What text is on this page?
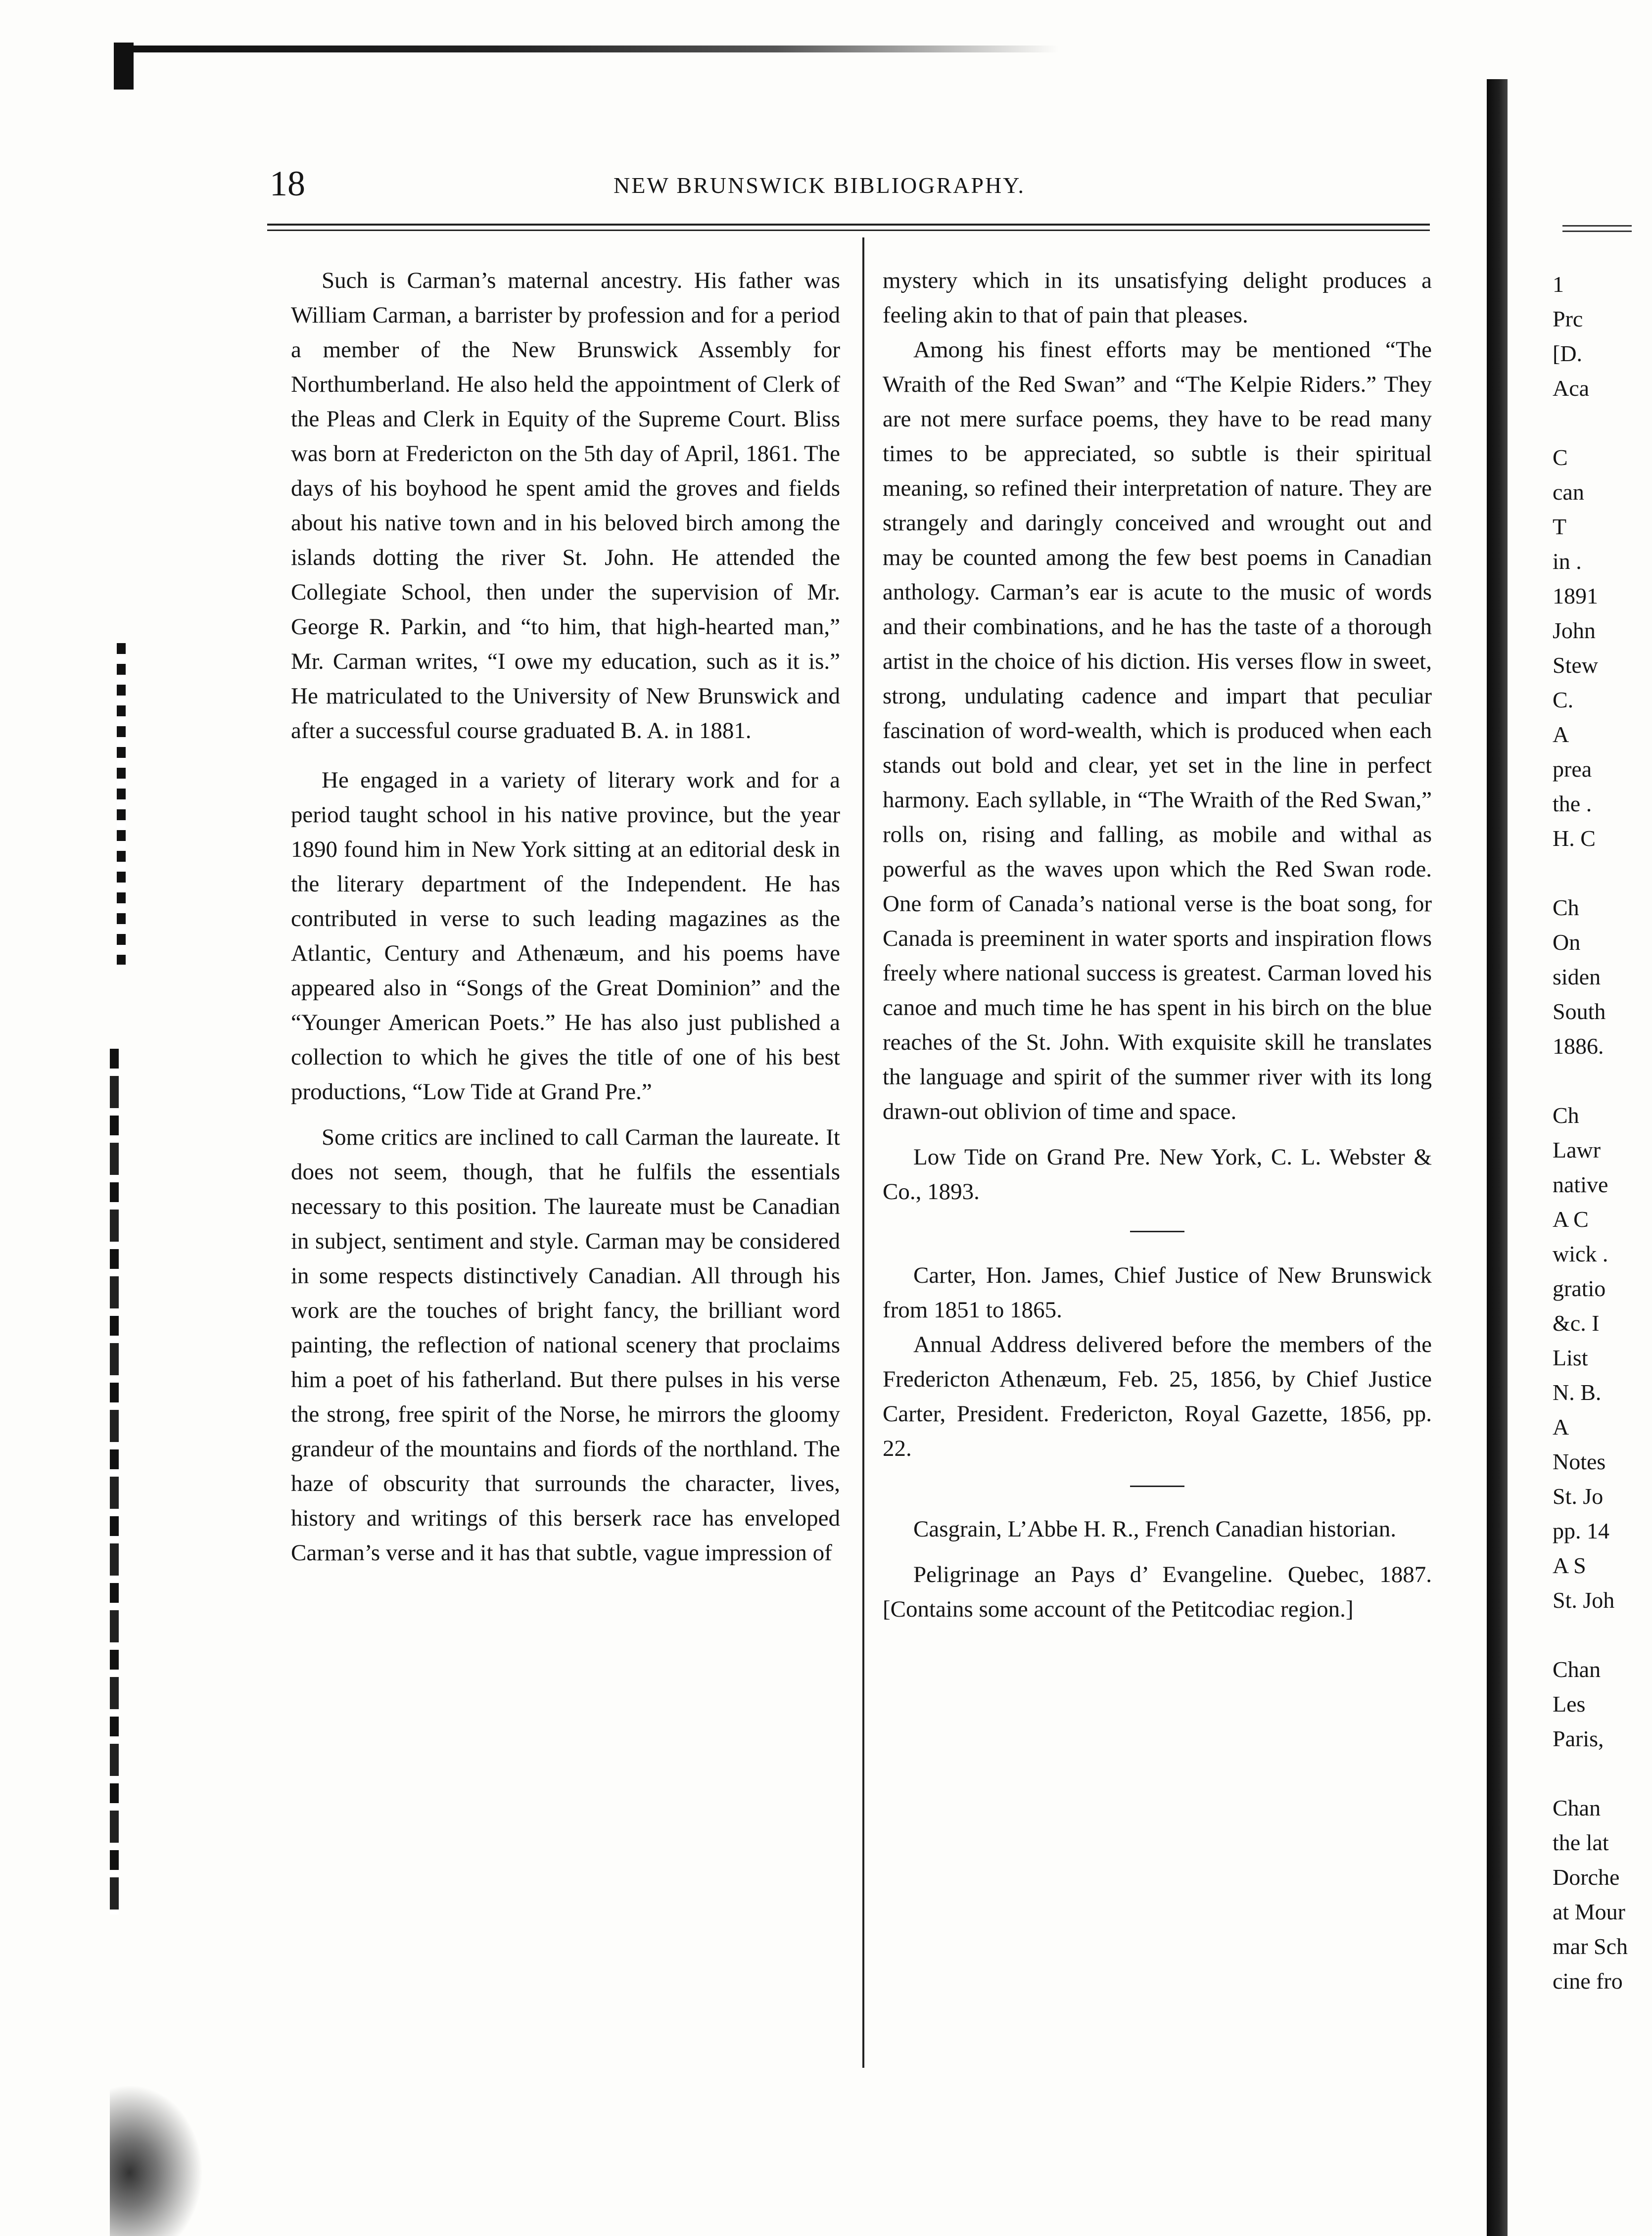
18	NEW BRUNSWICK BIBLIOGRAPHY.

Such is Carman’s maternal ancestry. His father was William Carman, a barrister by profession and for a period a member of the New Brunswick Assembly for Northumberland. He also held the appointment of Clerk of the Pleas and Clerk in Equity of the Supreme Court. Bliss was born at Fredericton on the 5th day of April, 1861. The days of his boyhood he spent amid the groves and fields about his native town and in his beloved birch among the islands dotting the river St. John. He attended the Collegiate School, then under the supervision of Mr. George R. Parkin, and “to him, that high-hearted man,” Mr. Carman writes, “I owe my education, such as it is.” He matriculated to the University of New Brunswick and after a successful course graduated B. A. in 1881.

He engaged in a variety of literary work and for a period taught school in his native province, but the year 1890 found him in New York sitting at an editorial desk in the literary department of the Independent. He has contributed in verse to such leading magazines as the Atlantic, Century and Athenæum, and his poems have appeared also in “Songs of the Great Dominion” and the “Younger American Poets.” He has also just published a collection to which he gives the title of one of his best productions, “Low Tide at Grand Pre.”

Some critics are inclined to call Carman the laureate. It does not seem, though, that he fulfils the essentials necessary to this position. The laureate must be Canadian in subject, sentiment and style. Carman may be considered in some respects distinctively Canadian. All through his work are the touches of bright fancy, the brilliant word painting, the reflection of national scenery that proclaims him a poet of his fatherland. But there pulses in his verse the strong, free spirit of the Norse, he mirrors the gloomy grandeur of the mountains and fiords of the northland. The haze of obscurity that surrounds the character, lives, history and writings of this berserk race has enveloped Carman’s verse and it has that subtle, vague impression of

mystery which in its unsatisfying delight produces a feeling akin to that of pain that pleases.

Among his finest efforts may be mentioned “The Wraith of the Red Swan” and “The Kelpie Riders.” They are not mere surface poems, they have to be read many times to be appreciated, so subtle is their spiritual meaning, so refined their interpretation of nature. They are strangely and daringly conceived and wrought out and may be counted among the few best poems in Canadian anthology. Carman’s ear is acute to the music of words and their combinations, and he has the taste of a thorough artist in the choice of his diction. His verses flow in sweet, strong, undulating cadence and impart that peculiar fascination of word-wealth, which is produced when each stands out bold and clear, yet set in the line in perfect harmony. Each syllable, in “The Wraith of the Red Swan,” rolls on, rising and falling, as mobile and withal as powerful as the waves upon which the Red Swan rode. One form of Canada’s national verse is the boat song, for Canada is preeminent in water sports and inspiration flows freely where national success is greatest. Carman loved his canoe and much time he has spent in his birch on the blue reaches of the St. John. With exquisite skill he translates the language and spirit of the summer river with its long drawn-out oblivion of time and space.

Low Tide on Grand Pre. New York, C. L. Webster & Co., 1893.

Carter, Hon. James, Chief Justice of New Brunswick from 1851 to 1865.

Annual Address delivered before the members of the Fredericton Athenæum, Feb. 25, 1856, by Chief Justice Carter, President. Fredericton, Royal Gazette, 1856, pp. 22.

Casgrain, L’Abbe H. R., French Canadian historian.

Peligrinage an Pays d’ Evangeline. Quebec, 1887. [Contains some account of the Petitcodiac region.]

1
Prc
[D.
Aca
C
can
T
in .
1891
John
Stew
C.
A
prea
the .
H. C
Ch
On
siden
South
1886.
Ch
Lawr
native
A C
wick .
gratio
&c. I
List
N. B.
A
Notes
St. Jo
pp. 14
A S
St. Joh
Chan
Les
Paris,
Chan
the lat
Dorche
at Mour
mar Sch
cine fro
